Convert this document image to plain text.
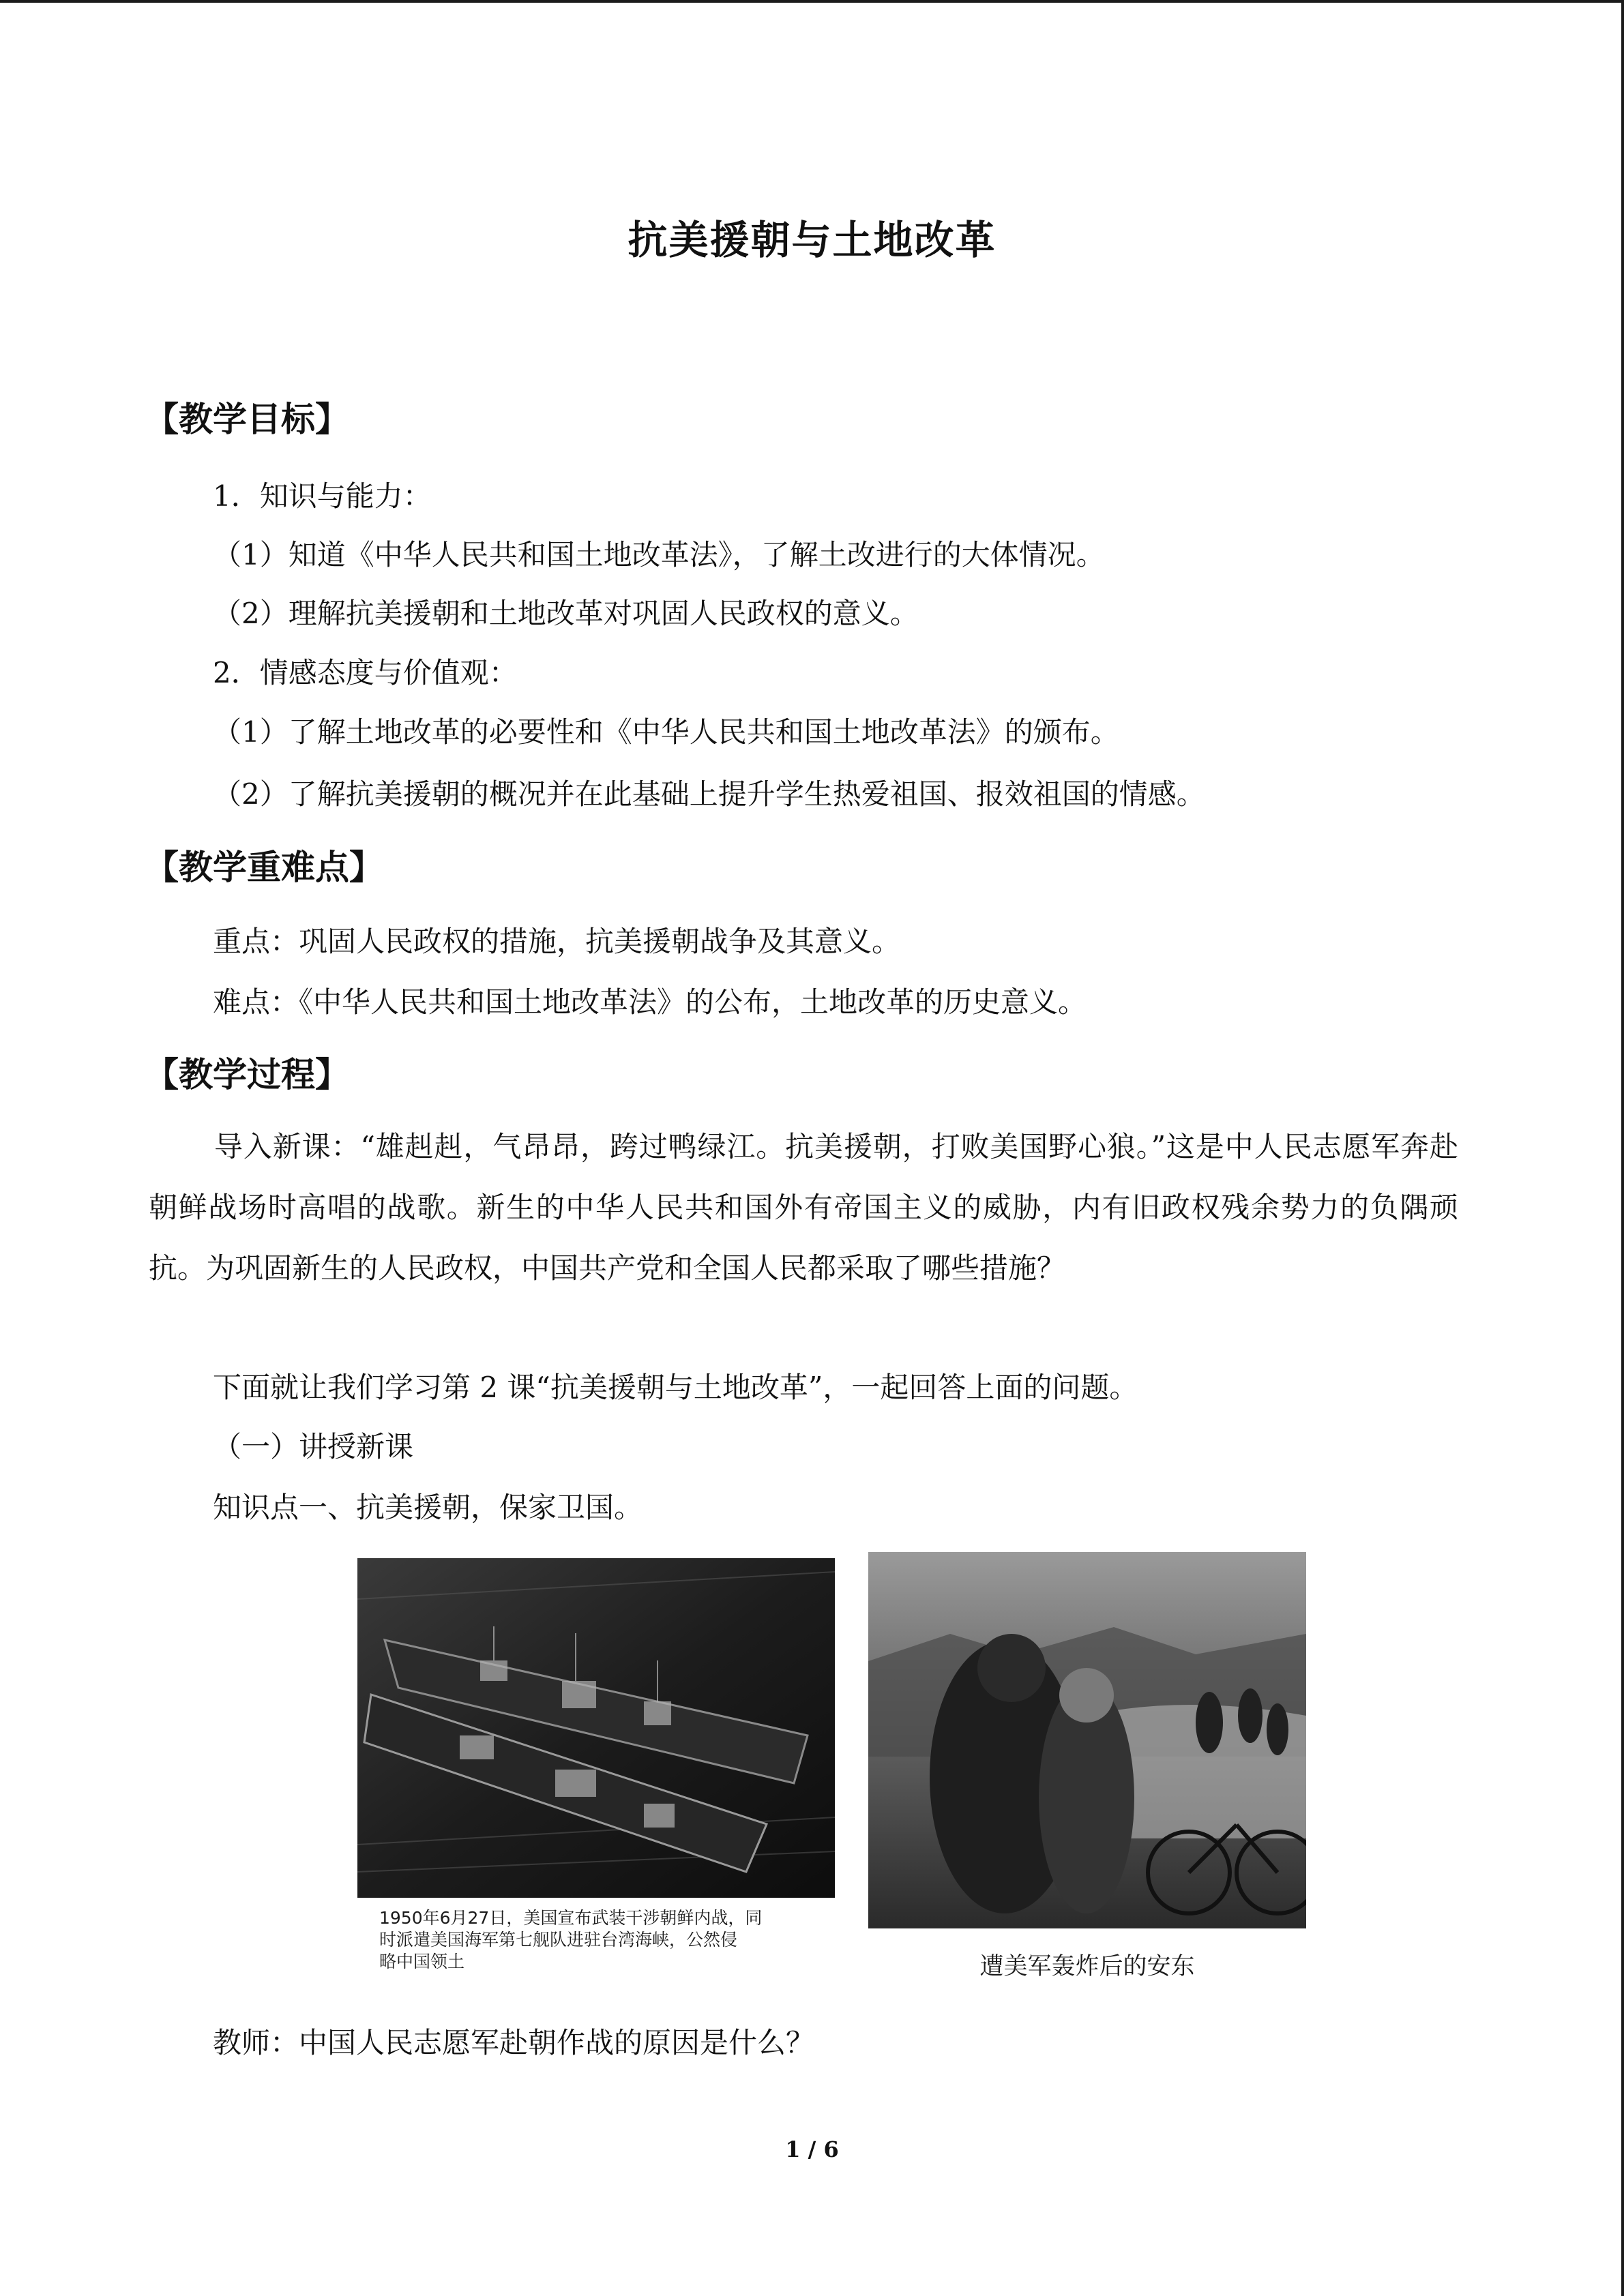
抗美援朝与土地改革
【教学目标】
1．知识与能力：
（1）知道《中华人民共和国土地改革法》，了解土改进行的大体情况。
（2）理解抗美援朝和土地改革对巩固人民政权的意义。
2．情感态度与价值观：
（1）了解土地改革的必要性和《中华人民共和国土地改革法》的颁布。
（2）了解抗美援朝的概况并在此基础上提升学生热爱祖国、报效祖国的情感。
【教学重难点】
重点：巩固人民政权的措施，抗美援朝战争及其意义。
难点：《中华人民共和国土地改革法》的公布，土地改革的历史意义。
【教学过程】
导入新课：“雄赳赳，气昂昂，跨过鸭绿江。抗美援朝，打败美国野心狼。”这是中人民志愿军奔赴朝鲜战场时高唱的战歌。新生的中华人民共和国外有帝国主义的威胁，内有旧政权残余势力的负隅顽抗。为巩固新生的人民政权，中国共产党和全国人民都采取了哪些措施？
下面就让我们学习第 2 课“抗美援朝与土地改革”，一起回答上面的问题。
（一）讲授新课
知识点一、抗美援朝，保家卫国。
1950年6月27日，美国宣布武装干涉朝鲜内战，同
时派遣美国海军第七舰队进驻台湾海峡，公然侵
略中国领土	遭美军轰炸后的安东
教师：中国人民志愿军赴朝作战的原因是什么？
1 / 6
